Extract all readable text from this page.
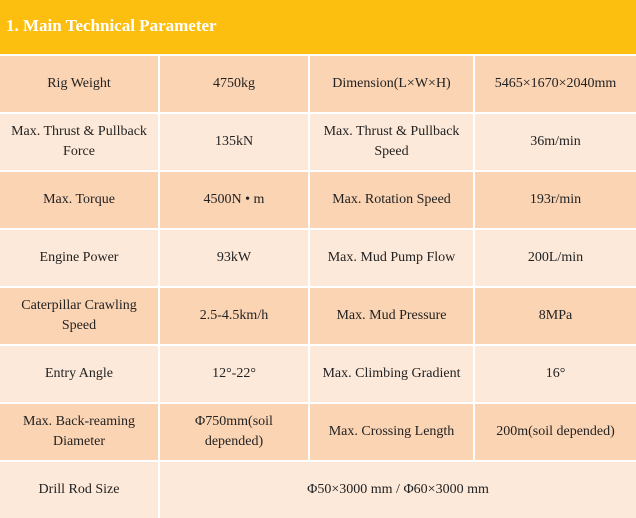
1. Main Technical Parameter
Rig Weight	4750kg	Dimension(L×W×H)	5465×1670×2040mm
Max. Thrust & Pullback Force	135kN	Max. Thrust & Pullback Speed	36m/min
Max. Torque	4500N • m	Max. Rotation Speed	193r/min
Engine Power	93kW	Max. Mud Pump Flow	200L/min
Caterpillar Crawling Speed	2.5-4.5km/h	Max. Mud Pressure	8MPa
Entry Angle	12°-22°	Max. Climbing Gradient	16°
Max. Back-reaming Diameter	Φ750mm(soil depended)	Max. Crossing Length	200m(soil depended)
Drill Rod Size	Φ50×3000 mm / Φ60×3000 mm		
